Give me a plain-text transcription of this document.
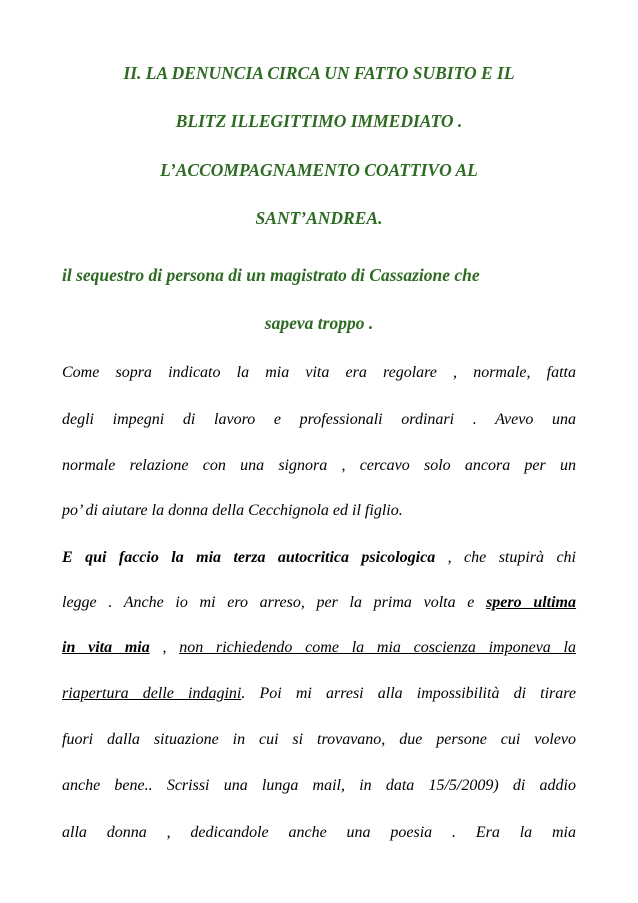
II. LA DENUNCIA CIRCA UN FATTO SUBITO E IL

BLITZ ILLEGITTIMO IMMEDIATO .

L’ACCOMPAGNAMENTO COATTIVO AL

SANT’ANDREA.

il sequestro di persona di un magistrato di Cassazione che

sapeva troppo .

Come sopra indicato la mia vita era regolare , normale, fatta

degli impegni di lavoro e professionali ordinari . Avevo una

normale relazione con una signora , cercavo solo ancora per un

po’ di aiutare la donna della Cecchignola ed il figlio.

E qui faccio la mia terza autocritica psicologica , che stupirà chi

legge . Anche io mi ero arreso, per la prima volta e spero ultima

in vita mia , non richiedendo come la mia coscienza imponeva la

riapertura delle indagini. Poi mi arresi alla impossibilità di tirare

fuori dalla situazione in cui si trovavano, due persone cui volevo

anche bene.. Scrissi una lunga mail, in data 15/5/2009) di addio

alla donna , dedicandole anche una poesia . Era la mia
